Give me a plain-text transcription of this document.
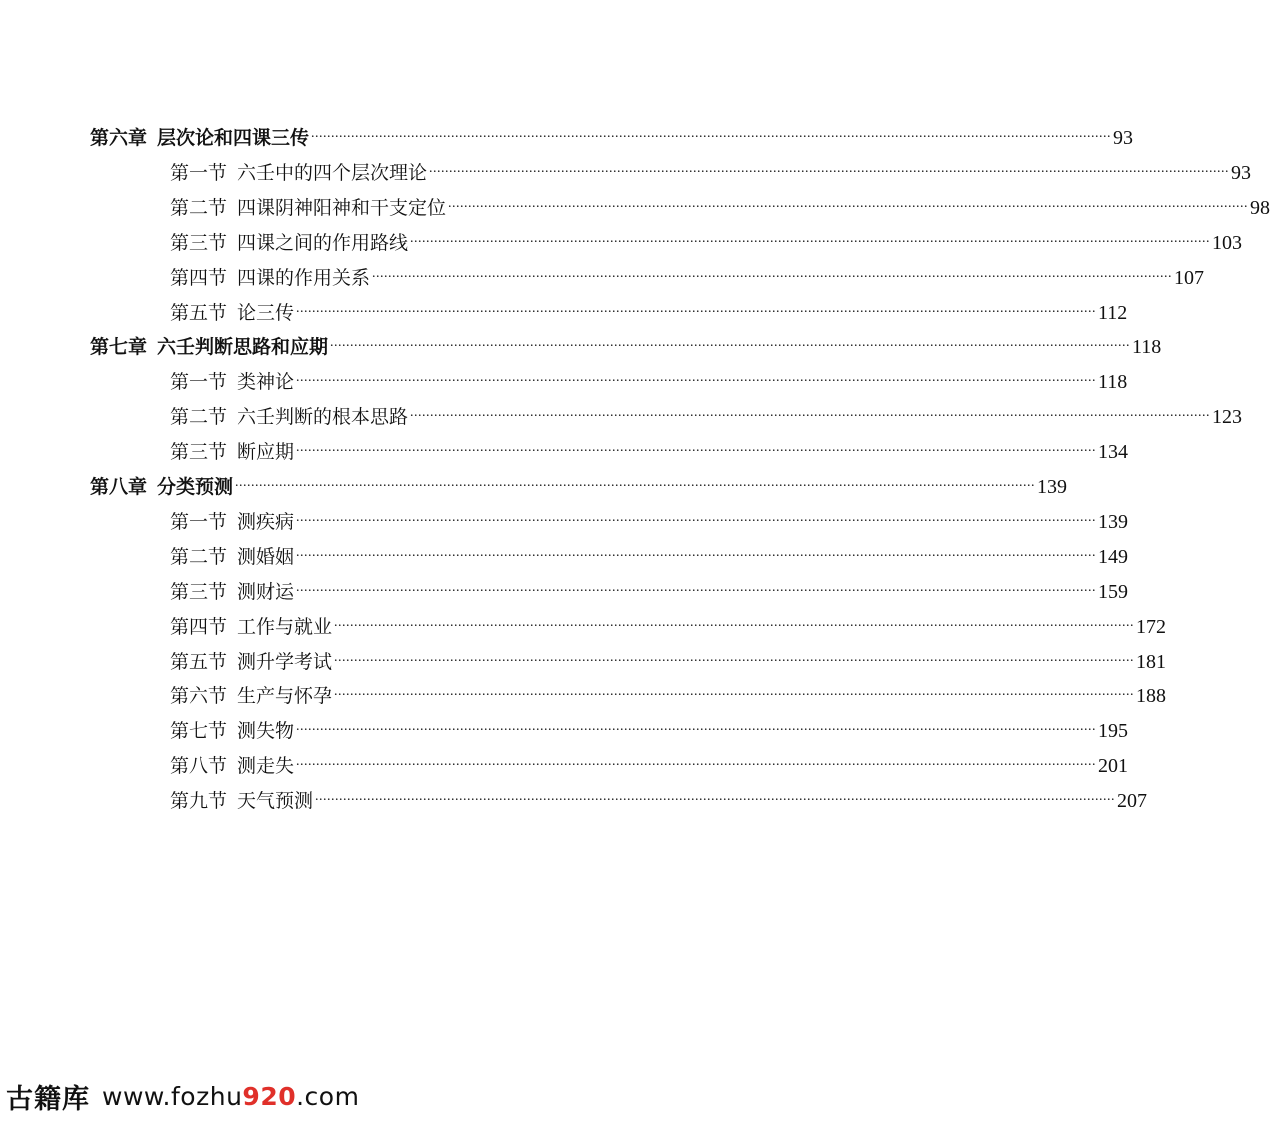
第六章 层次论和四课三传 ........................................................................................................................................................................................................ 93
第一节 六壬中的四个层次理论 ........................................................................................................................................................................................................ 93
第二节 四课阴神阳神和干支定位 ........................................................................................................................................................................................................ 98
第三节 四课之间的作用路线 ........................................................................................................................................................................................................ 103
第四节 四课的作用关系 ........................................................................................................................................................................................................ 107
第五节 论三传 ........................................................................................................................................................................................................ 112
第七章 六壬判断思路和应期 ........................................................................................................................................................................................................ 118
第一节 类神论 ........................................................................................................................................................................................................ 118
第二节 六壬判断的根本思路 ........................................................................................................................................................................................................ 123
第三节 断应期 ........................................................................................................................................................................................................ 134
第八章 分类预测 ........................................................................................................................................................................................................ 139
第一节 测疾病 ........................................................................................................................................................................................................ 139
第二节 测婚姻 ........................................................................................................................................................................................................ 149
第三节 测财运 ........................................................................................................................................................................................................ 159
第四节 工作与就业 ........................................................................................................................................................................................................ 172
第五节 测升学考试 ........................................................................................................................................................................................................ 181
第六节 生产与怀孕 ........................................................................................................................................................................................................ 188
第七节 测失物 ........................................................................................................................................................................................................ 195
第八节 测走失 ........................................................................................................................................................................................................ 201
第九节 天气预测 ........................................................................................................................................................................................................ 207
古籍库 www.fozhu920.com
